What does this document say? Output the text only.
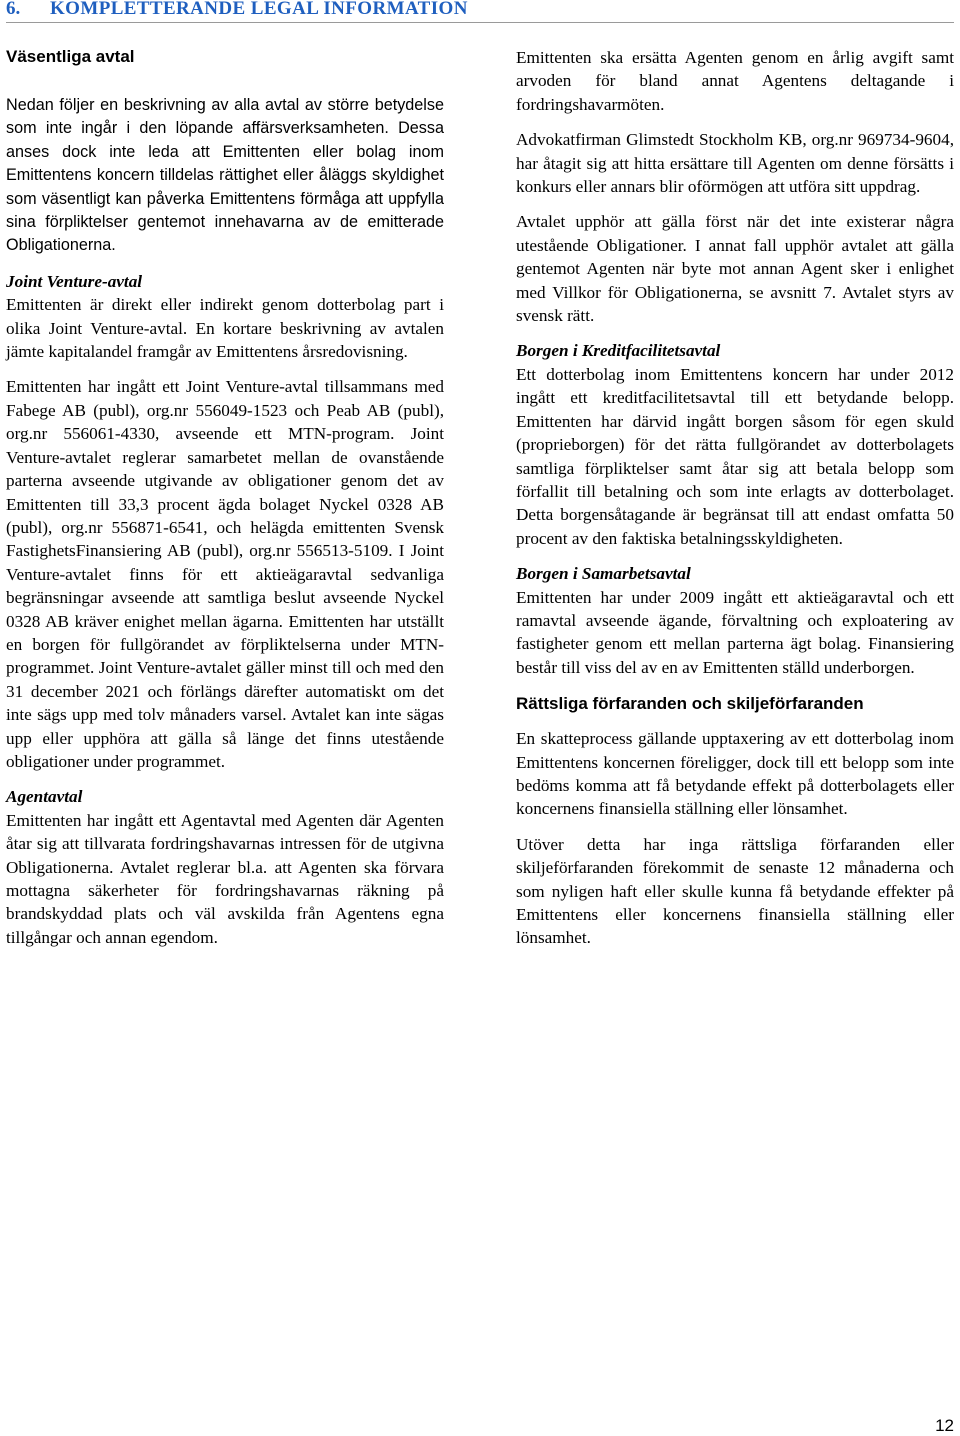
6. KOMPLETTERANDE LEGAL INFORMATION
Väsentliga avtal

Nedan följer en beskrivning av alla avtal av större betydelse som inte ingår i den löpande affärsverksamheten. Dessa anses dock inte leda att Emittenten eller bolag inom Emittentens koncern tilldelas rättighet eller åläggs skyldighet som väsentligt kan påverka Emittentens förmåga att uppfylla sina förpliktelser gentemot innehavarna av de emitterade Obligationerna.

Joint Venture-avtal

Emittenten är direkt eller indirekt genom dotterbolag part i olika Joint Venture-avtal. En kortare beskrivning av avtalen jämte kapitalandel framgår av Emittentens årsredovisning.

Emittenten har ingått ett Joint Venture-avtal tillsammans med Fabege AB (publ), org.nr 556049-1523 och Peab AB (publ), org.nr 556061-4330, avseende ett MTN-program. Joint Venture-avtalet reglerar samarbetet mellan de ovanstående parterna avseende utgivande av obligationer genom det av Emittenten till 33,3 procent ägda bolaget Nyckel 0328 AB (publ), org.nr 556871-6541, och helägda emittenten Svensk FastighetsFinansiering AB (publ), org.nr 556513-5109. I Joint Venture-avtalet finns för ett aktieägaravtal sedvanliga begränsningar avseende att samtliga beslut avseende Nyckel 0328 AB kräver enighet mellan ägarna. Emittenten har utställt en borgen för fullgörandet av förpliktelserna under MTN-programmet. Joint Venture-avtalet gäller minst till och med den 31 december 2021 och förlängs därefter automatiskt om det inte sägs upp med tolv månaders varsel. Avtalet kan inte sägas upp eller upphöra att gälla så länge det finns utestående obligationer under programmet.

Agentavtal

Emittenten har ingått ett Agentavtal med Agenten där Agenten åtar sig att tillvarata fordringshavarnas intressen för de utgivna Obligationerna. Avtalet reglerar bl.a. att Agenten ska förvara mottagna säkerheter för fordringshavarnas räkning på brandskyddad plats och väl avskilda från Agentens egna tillgångar och annan egendom.

Emittenten ska ersätta Agenten genom en årlig avgift samt arvoden för bland annat Agentens deltagande i fordringshavarmöten.

Advokatfirman Glimstedt Stockholm KB, org.nr 969734-9604, har åtagit sig att hitta ersättare till Agenten om denne försätts i konkurs eller annars blir oförmögen att utföra sitt uppdrag.

Avtalet upphör att gälla först när det inte existerar några utestående Obligationer. I annat fall upphör avtalet att gälla gentemot Agenten när byte mot annan Agent sker i enlighet med Villkor för Obligationerna, se avsnitt 7. Avtalet styrs av svensk rätt.

Borgen i Kreditfacilitetsavtal

Ett dotterbolag inom Emittentens koncern har under 2012 ingått ett kreditfacilitetsavtal till ett betydande belopp. Emittenten har därvid ingått borgen såsom för egen skuld (proprieborgen) för det rätta fullgörandet av dotterbolagets samtliga förpliktelser samt åtar sig att betala belopp som förfallit till betalning och som inte erlagts av dotterbolaget. Detta borgensåtagande är begränsat till att endast omfatta 50 procent av den faktiska betalningsskyldigheten.

Borgen i Samarbetsavtal

Emittenten har under 2009 ingått ett aktieägaravtal och ett ramavtal avseende ägande, förvaltning och exploatering av fastigheter genom ett mellan parterna ägt bolag. Finansiering består till viss del av en av Emittenten ställd underborgen.

Rättsliga förfaranden och skiljeförfaranden

En skatteprocess gällande upptaxering av ett dotterbolag inom Emittentens koncernen föreligger, dock till ett belopp som inte bedöms komma att få betydande effekt på dotterbolagets eller koncernens finansiella ställning eller lönsamhet.

Utöver detta har inga rättsliga förfaranden eller skiljeförfaranden förekommit de senaste 12 månaderna och som nyligen haft eller skulle kunna få betydande effekter på Emittentens eller koncernens finansiella ställning eller lönsamhet.

12
